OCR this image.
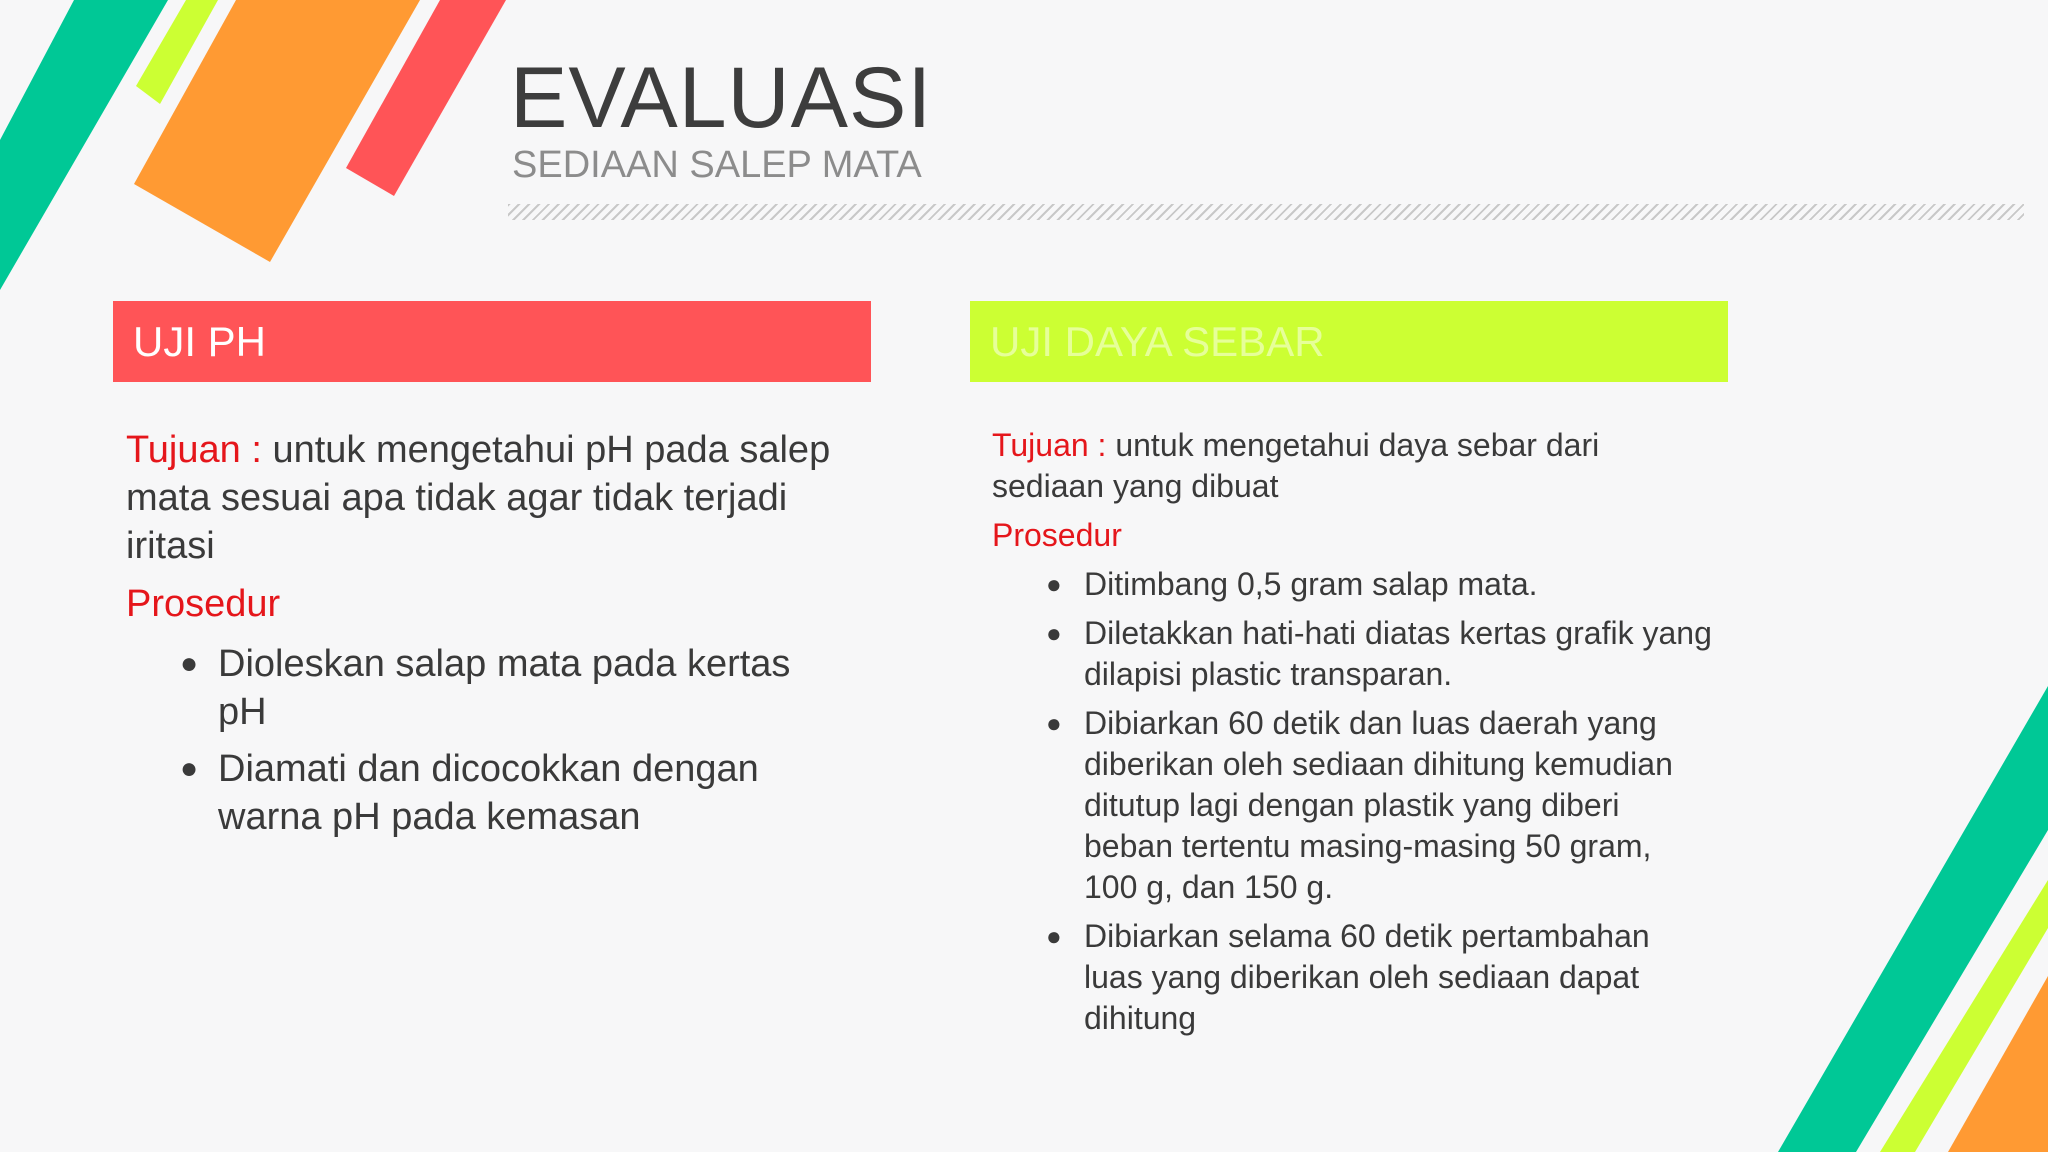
EVALUASI
SEDIAAN SALEP MATA
UJI PH	UJI DAYA SEBAR

Tujuan : untuk mengetahui pH pada salep mata sesuai apa tidak agar tidak terjadi iritasi

Prosedur

● Dioleskan salap mata pada kertas pH
● Diamati dan dicocokkan dengan warna pH pada kemasan

Tujuan : untuk mengetahui daya sebar dari sediaan yang dibuat

Prosedur

● Ditimbang 0,5 gram salap mata.
● Diletakkan hati-hati diatas kertas grafik yang dilapisi plastic transparan.
● Dibiarkan 60 detik dan luas daerah yang diberikan oleh sediaan dihitung kemudian ditutup lagi dengan plastik yang diberi beban tertentu masing-masing 50 gram, 100 g, dan 150 g.
● Dibiarkan selama 60 detik pertambahan luas yang diberikan oleh sediaan dapat dihitung
